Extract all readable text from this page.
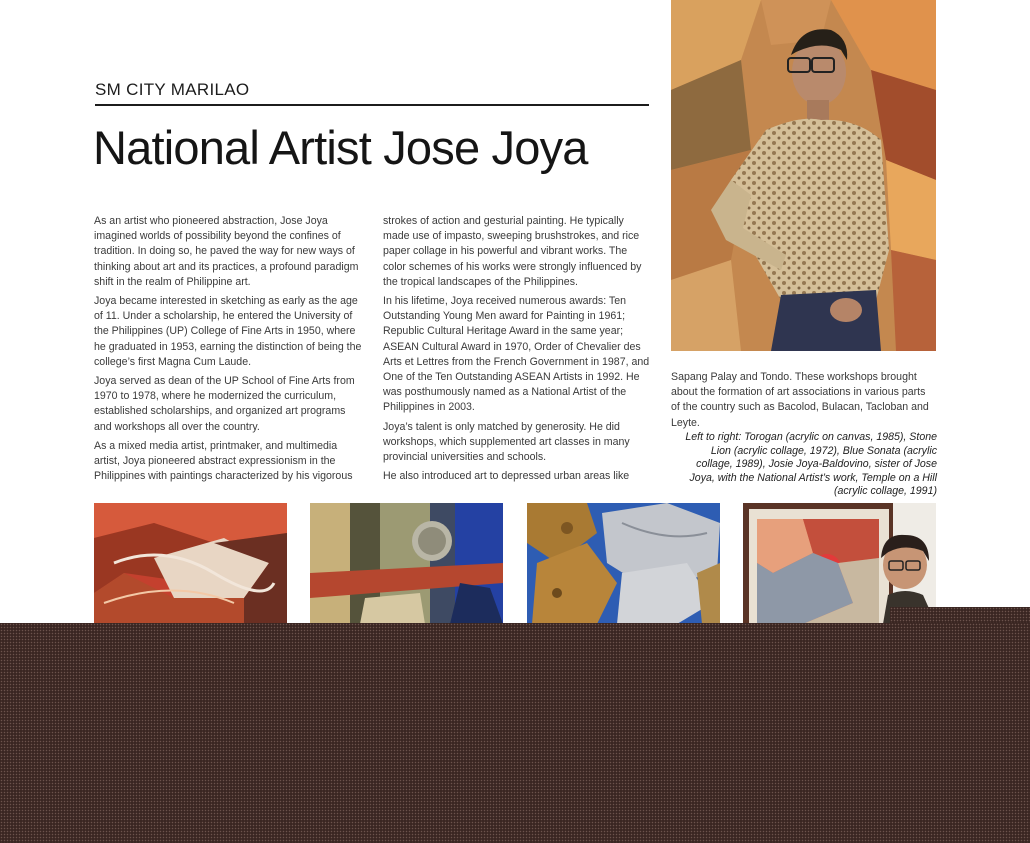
SM CITY MARILAO
National Artist Jose Joya

As an artist who pioneered abstraction, Jose Joya imagined worlds of possibility beyond the confines of tradition. In doing so, he paved the way for new ways of thinking about art and its practices, a profound paradigm shift in the realm of Philippine art.

Joya became interested in sketching as early as the age of 11. Under a scholarship, he entered the University of the Philippines (UP) College of Fine Arts in 1950, where he graduated in 1953, earning the distinction of being the college’s first Magna Cum Laude.

Joya served as dean of the UP School of Fine Arts from 1970 to 1978, where he modernized the curriculum, established scholarships, and organized art programs and workshops all over the country.

As a mixed media artist, printmaker, and multimedia artist, Joya pioneered abstract expressionism in the Philippines with paintings characterized by his vigorous

strokes of action and gesturial painting. He typically made use of impasto, sweeping brushstrokes, and rice paper collage in his powerful and vibrant works. The color schemes of his works were strongly influenced by the tropical landscapes of the Philippines.

In his lifetime, Joya received numerous awards: Ten Outstanding Young Men award for Painting in 1961; Republic Cultural Heritage Award in the same year; ASEAN Cultural Award in 1970, Order of Chevalier des Arts et Lettres from the French Government in 1987, and One of the Ten Outstanding ASEAN Artists in 1992. He was posthumously named as a National Artist of the Philippines in 2003.

Joya’s talent is only matched by generosity. He did workshops, which supplemented art classes in many provincial universities and schools.

He also introduced art to depressed urban areas like

Sapang Palay and Tondo. These workshops brought about the formation of art associations in various parts of the country such as Bacolod, Bulacan, Tacloban and Leyte.

Left to right: Torogan (acrylic on canvas, 1985), Stone Lion (acrylic collage, 1972), Blue Sonata (acrylic collage, 1989), Josie Joya-Baldovino, sister of Jose Joya, with the National Artist’s work, Temple on a Hill (acrylic collage, 1991)
